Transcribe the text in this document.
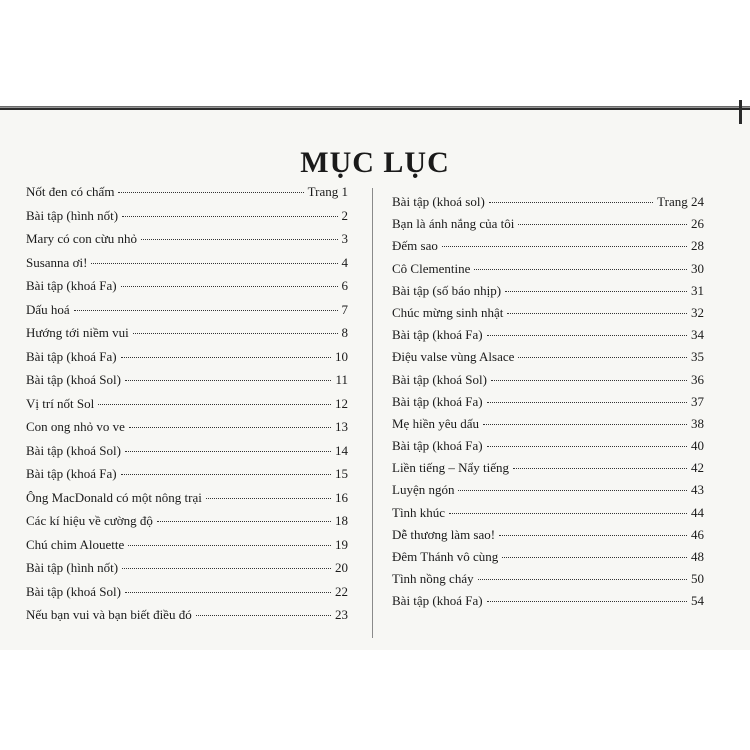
MỤC LỤC
Nốt đen có chấm	Trang 1
Bài tập (hình nốt)	2
Mary có con cừu nhỏ	3
Susanna ơi!	4
Bài tập (khoá Fa)	6
Dấu hoá	7
Hướng tới niềm vui	8
Bài tập (khoá Fa)	10
Bài tập (khoá Sol)	11
Vị trí nốt Sol	12
Con ong nhỏ vo ve	13
Bài tập (khoá Sol)	14
Bài tập (khoá Fa)	15
Ông MacDonald có một nông trại	16
Các kí hiệu về cường độ	18
Chú chim Alouette	19
Bài tập (hình nốt)	20
Bài tập (khoá Sol)	22
Nếu bạn vui và bạn biết điều đó	23
Bài tập (khoá sol)	Trang 24
Bạn là ánh nắng của tôi	26
Đếm sao	28
Cô Clementine	30
Bài tập (số báo nhịp)	31
Chúc mừng sinh nhật	32
Bài tập (khoá Fa)	34
Điệu valse vùng Alsace	35
Bài tập (khoá Sol)	36
Bài tập (khoá Fa)	37
Mẹ hiền yêu dấu	38
Bài tập (khoá Fa)	40
Liền tiếng – Nẩy tiếng	42
Luyện ngón	43
Tình khúc	44
Dễ thương làm sao!	46
Đêm Thánh vô cùng	48
Tình nồng cháy	50
Bài tập (khoá Fa)	54
